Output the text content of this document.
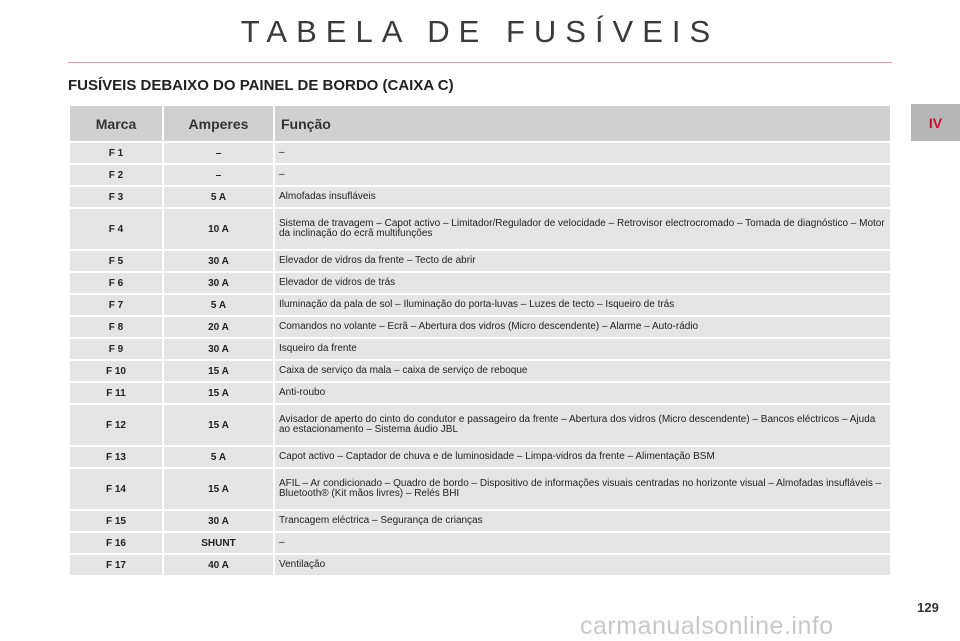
TABELA DE FUSÍVEIS
FUSÍVEIS DEBAIXO DO PAINEL DE BORDO (CAIXA C)
IV
Marca	Amperes	Função
F 1	–	–
F 2	–	–
F 3	5 A	Almofadas insufláveis
F 4	10 A	Sistema de travagem – Capot activo – Limitador/Regulador de velocidade – Retrovisor electrocromado – Tomada de diagnóstico – Motor da inclinação do ecrã multifunções
F 5	30 A	Elevador de vidros da frente – Tecto de abrir
F 6	30 A	Elevador de vidros de trás
F 7	5 A	Iluminação da pala de sol – Iluminação do porta-luvas – Luzes de tecto – Isqueiro de trás
F 8	20 A	Comandos no volante – Ecrã – Abertura dos vidros (Micro descendente) – Alarme – Auto-rádio
F 9	30 A	Isqueiro da frente
F 10	15 A	Caixa de serviço da mala – caixa de serviço de reboque
F 11	15 A	Anti-roubo
F 12	15 A	Avisador de aperto do cinto do condutor e passageiro da frente – Abertura dos vidros (Micro descendente) – Bancos eléctricos – Ajuda ao estacionamento – Sistema áudio JBL
F 13	5 A	Capot activo – Captador de chuva e de luminosidade – Limpa-vidros da frente – Alimentação BSM
F 14	15 A	AFIL – Ar condicionado – Quadro de bordo – Dispositivo de informações visuais centradas no horizonte visual – Almofadas insufláveis – Bluetooth® (Kit mãos livres) – Relés BHI
F 15	30 A	Trancagem eléctrica – Segurança de crianças
F 16	SHUNT	–
F 17	40 A	Ventilação
129
carmanualsonline.info
